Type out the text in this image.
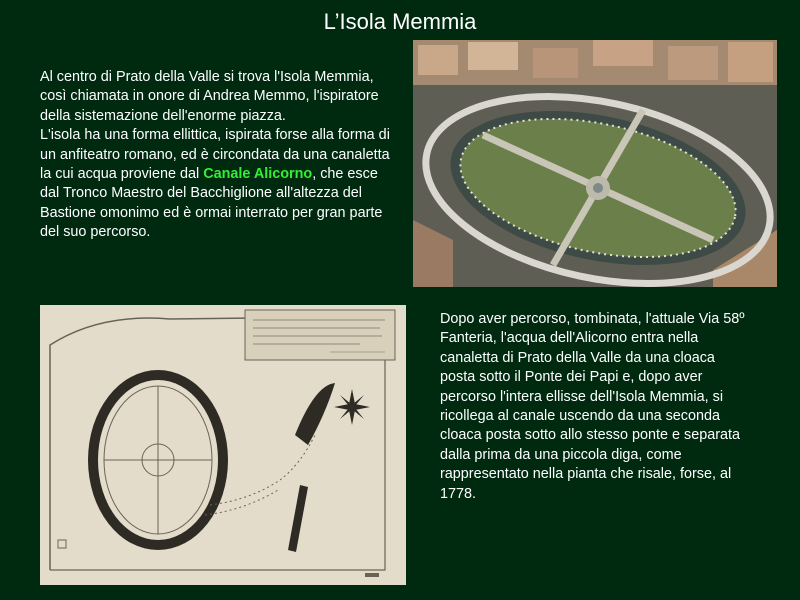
L’Isola Memmia

Al centro di Prato della Valle si trova l'Isola Memmia, così chiamata in onore di Andrea Memmo, l'ispiratore della sistemazione dell'enorme piazza.

L'isola ha una forma ellittica, ispirata forse alla forma di un anfiteatro romano, ed è circondata da una canaletta la cui acqua proviene dal Canale Alicorno, che esce dal Tronco Maestro del Bacchiglione all'altezza del Bastione omonimo ed è ormai interrato per gran parte del suo percorso.

Dopo aver percorso, tombinata, l'attuale Via 58º Fanteria, l'acqua dell'Alicorno entra nella canaletta di Prato della Valle da una cloaca posta sotto il Ponte dei Papi e, dopo aver percorso l'intera ellisse dell'Isola Memmia, si ricollega al canale uscendo da una seconda cloaca posta sotto allo stesso ponte e separata dalla prima da una piccola diga, come rappresentato nella pianta che risale, forse, al 1778.
